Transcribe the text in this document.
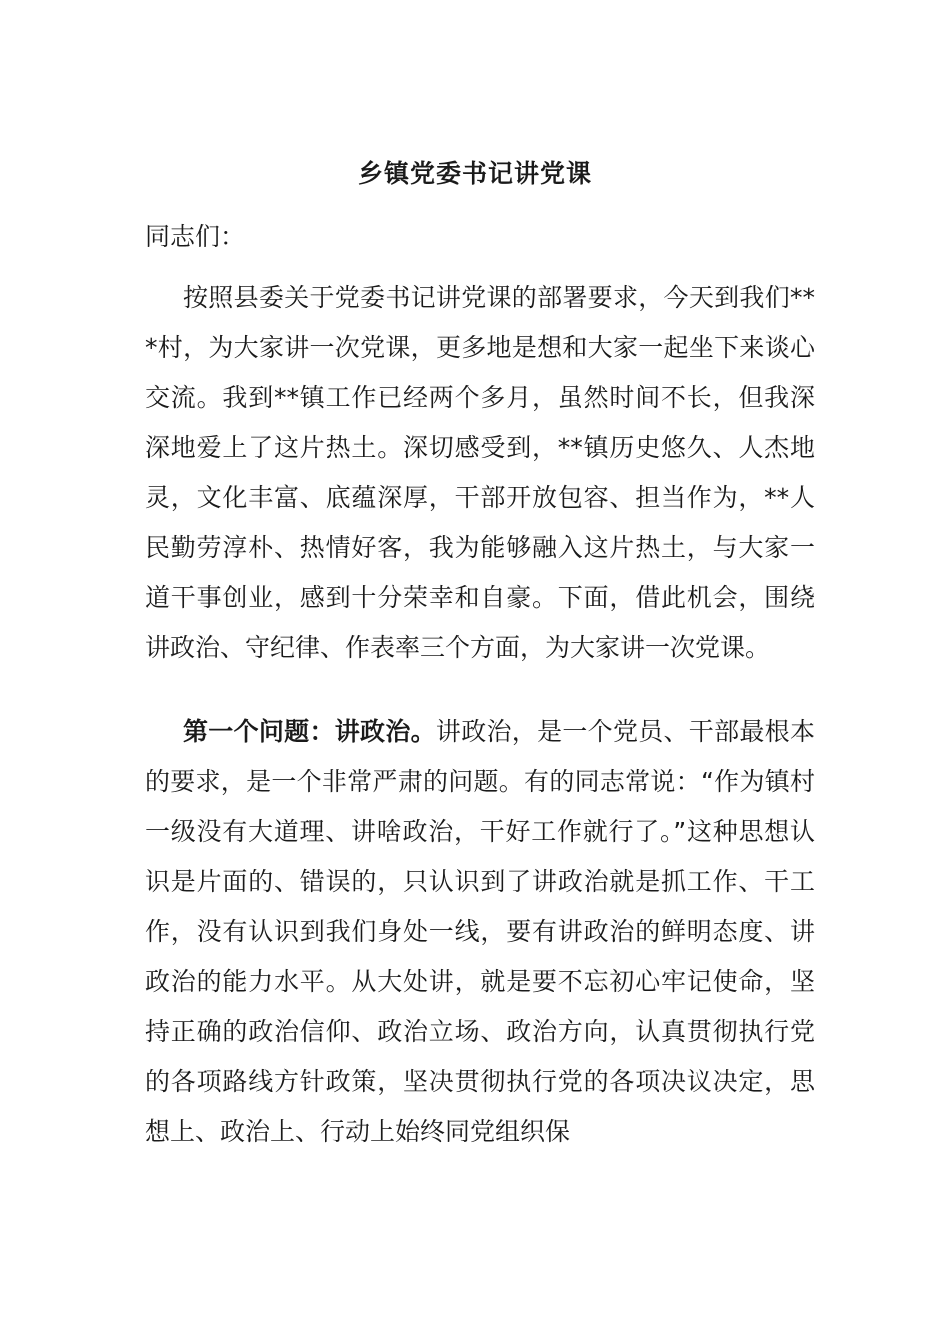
乡镇党委书记讲党课

同志们：

按照县委关于党委书记讲党课的部署要求，今天到我们***村，为大家讲一次党课，更多地是想和大家一起坐下来谈心交流。我到**镇工作已经两个多月，虽然时间不长，但我深深地爱上了这片热土。深切感受到，**镇历史悠久、人杰地灵，文化丰富、底蕴深厚，干部开放包容、担当作为，**人民勤劳淳朴、热情好客，我为能够融入这片热土，与大家一道干事创业，感到十分荣幸和自豪。下面，借此机会，围绕讲政治、守纪律、作表率三个方面，为大家讲一次党课。

第一个问题：讲政治。讲政治，是一个党员、干部最根本的要求，是一个非常严肃的问题。有的同志常说：“作为镇村一级没有大道理、讲啥政治，干好工作就行了。”这种思想认识是片面的、错误的，只认识到了讲政治就是抓工作、干工作，没有认识到我们身处一线，要有讲政治的鲜明态度、讲政治的能力水平。从大处讲，就是要不忘初心牢记使命，坚持正确的政治信仰、政治立场、政治方向，认真贯彻执行党的各项路线方针政策，坚决贯彻执行党的各项决议决定，思想上、政治上、行动上始终同党组织保
